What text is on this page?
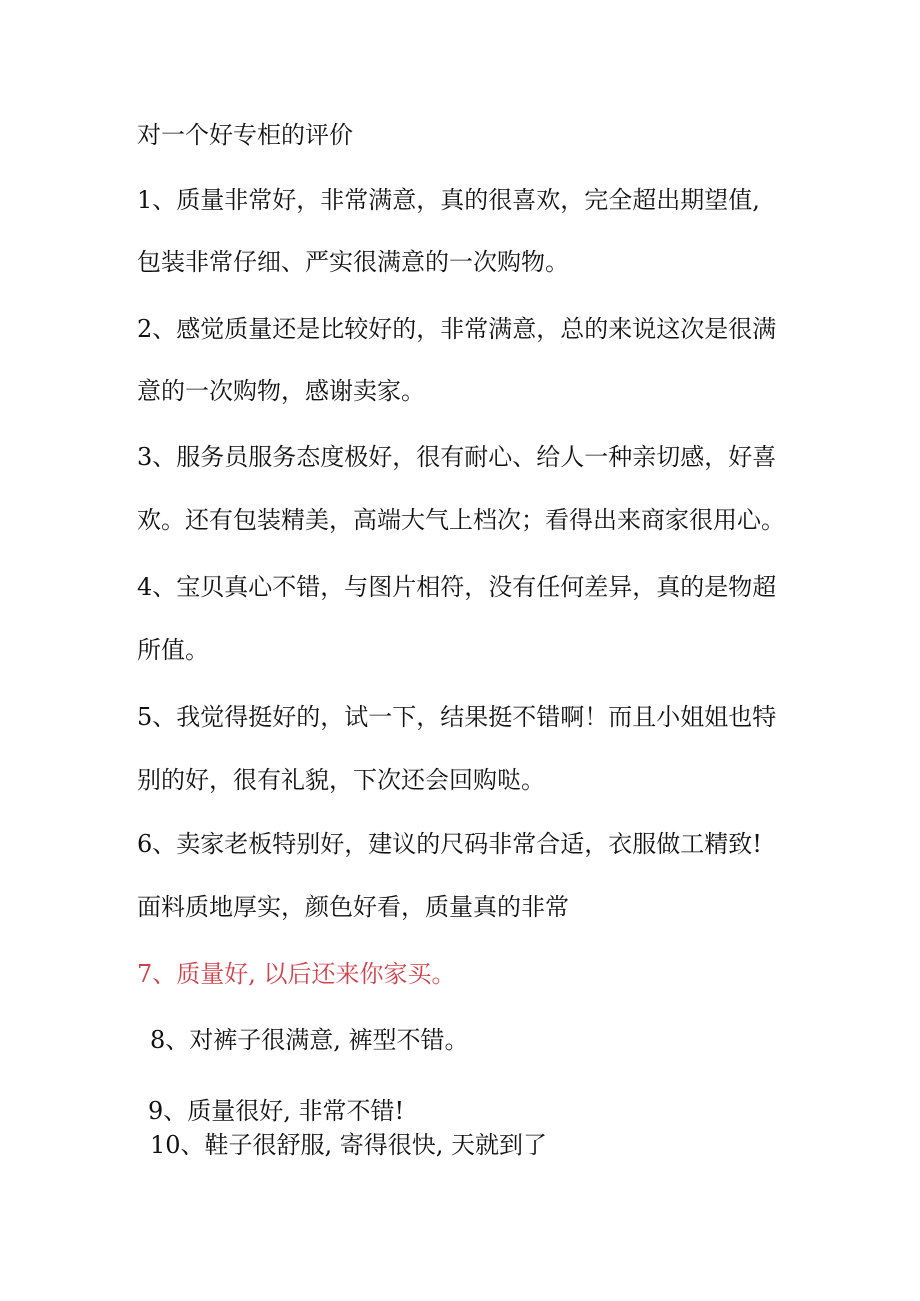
对一个好专柜的评价
1、质量非常好，非常满意，真的很喜欢，完全超出期望值,
包装非常仔细、严实很满意的一次购物。
2、感觉质量还是比较好的，非常满意，总的来说这次是很满
意的一次购物，感谢卖家。
3、服务员服务态度极好，很有耐心、给人一种亲切感，好喜
欢。还有包装精美，高端大气上档次；看得出来商家很用心。
4、宝贝真心不错，与图片相符，没有任何差异，真的是物超
所值。
5、我觉得挺好的，试一下，结果挺不错啊！而且小姐姐也特
别的好，很有礼貌，下次还会回购哒。
6、卖家老板特别好，建议的尺码非常合适，衣服做工精致!
面料质地厚实，颜色好看，质量真的非常
7、质量好, 以后还来你家买。
8、对裤子很满意, 裤型不错。
9、质量很好, 非常不错!
10、鞋子很舒服, 寄得很快, 天就到了
